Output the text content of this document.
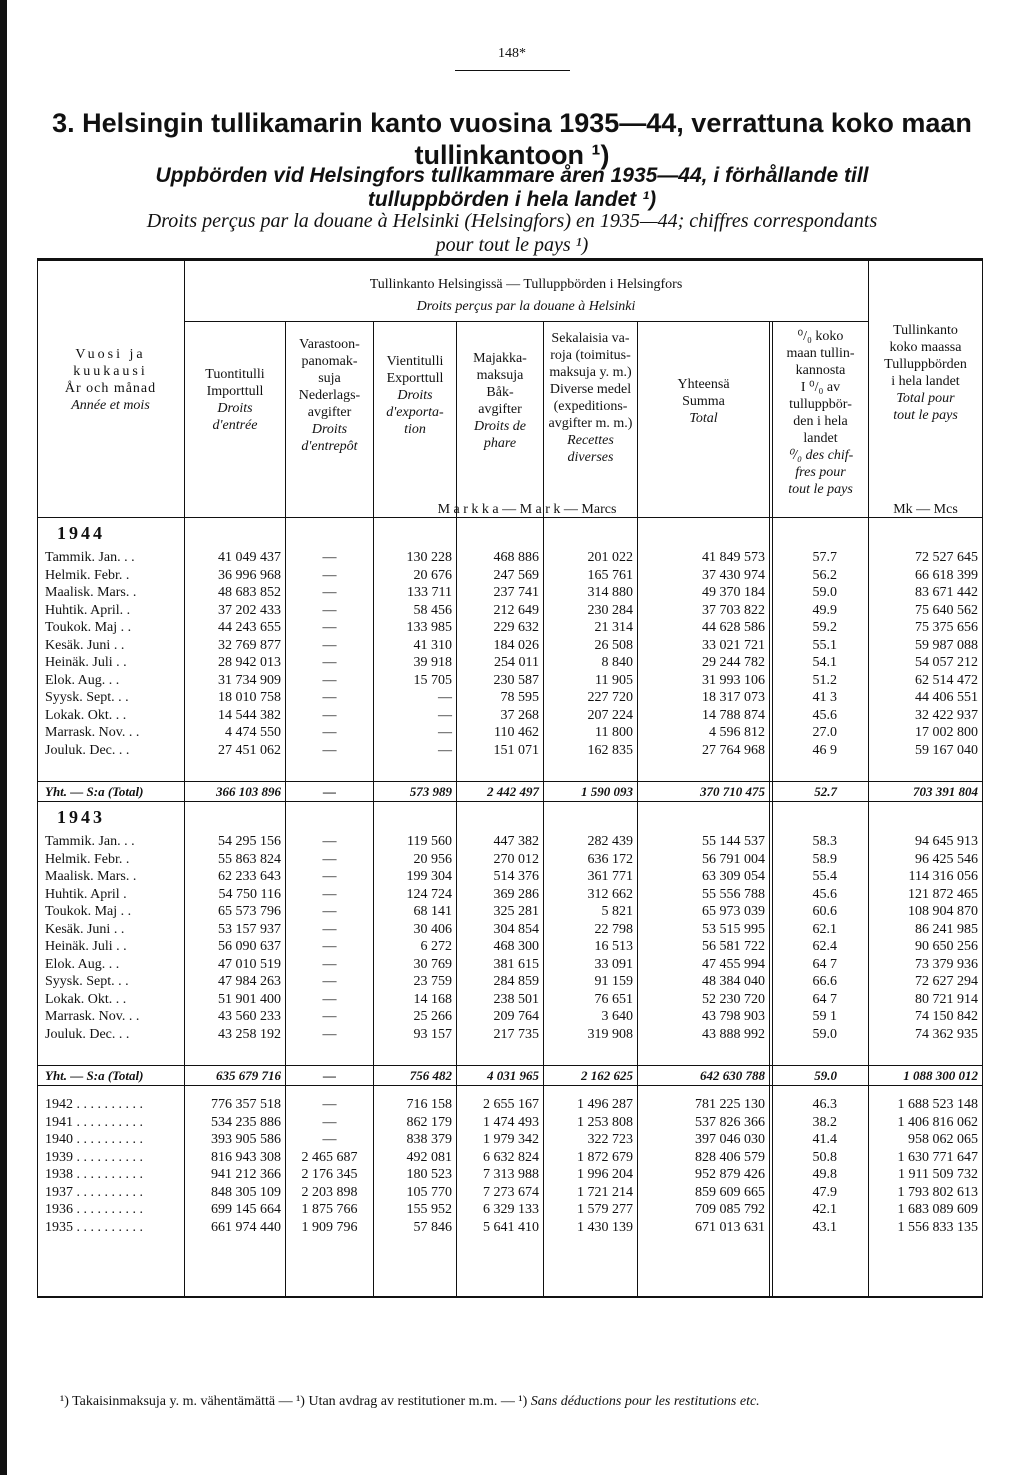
148*
3. Helsingin tullikamarin kanto vuosina 1935—44, verrattuna koko maan
tullinkantoon ¹)
Uppbörden vid Helsingfors tullkammare åren 1935—44, i förhållande till
tulluppbörden i hela landet ¹)
Droits perçus par la douane à Helsinki (Helsingfors) en 1935—44; chiffres correspondants
pour tout le pays ¹)
Tullinkanto Helsingissä — Tulluppbörden i Helsingfors
Droits perçus par la douane à Helsinki
Vuosi ja
kuukausi
År och månad
Année et mois
Tuontitulli
Importtull
Droits
d'entrée
Varastoon-
panomak-
suja
Nederlags-
avgifter
Droits
d'entrepôt
Vientitulli
Exporttull
Droits
d'exporta-
tion
Majakka-
maksuja
Båk-
avgifter
Droits de
phare
Sekalaisia va-
roja (toimitus-
maksuja y. m.)
Diverse medel
(expeditions-
avgifter m. m.)
Recettes
diverses
Yhteensä
Summa
Total
⁰/₀ koko
maan tullin-
kannosta
I ⁰/₀ av
tulluppbör-
den i hela
landet
⁰/₀ des chif-
fres pour
tout le pays
Tullinkanto
koko maassa
Tulluppbörden
i hela landet
Total pour
tout le pays
M a r k k a — M a r k — Marcs	Mk — Mcs
1944
Tammik. Jan. . .	41 049 437	—	130 228	468 886	201 022	41 849 573	57.7	72 527 645
Helmik. Febr. .	36 996 968	—	20 676	247 569	165 761	37 430 974	56.2	66 618 399
Maalisk. Mars. .	48 683 852	—	133 711	237 741	314 880	49 370 184	59.0	83 671 442
Huhtik. April. .	37 202 433	—	58 456	212 649	230 284	37 703 822	49.9	75 640 562
Toukok. Maj . .	44 243 655	—	133 985	229 632	21 314	44 628 586	59.2	75 375 656
Kesäk. Juni . .	32 769 877	—	41 310	184 026	26 508	33 021 721	55.1	59 987 088
Heinäk. Juli . .	28 942 013	—	39 918	254 011	8 840	29 244 782	54.1	54 057 212
Elok. Aug. . .	31 734 909	—	15 705	230 587	11 905	31 993 106	51.2	62 514 472
Syysk. Sept. . .	18 010 758	—	—	78 595	227 720	18 317 073	41 3	44 406 551
Lokak. Okt. . .	14 544 382	—	—	37 268	207 224	14 788 874	45.6	32 422 937
Marrask. Nov. . .	4 474 550	—	—	110 462	11 800	4 596 812	27.0	17 002 800
Jouluk. Dec. . .	27 451 062	—	—	151 071	162 835	27 764 968	46 9	59 167 040
Yht. — S:a (Total)	366 103 896	—	573 989	2 442 497	1 590 093	370 710 475	52.7	703 391 804
1943
Tammik. Jan. . .	54 295 156	—	119 560	447 382	282 439	55 144 537	58.3	94 645 913
Helmik. Febr. .	55 863 824	—	20 956	270 012	636 172	56 791 004	58.9	96 425 546
Maalisk. Mars. .	62 233 643	—	199 304	514 376	361 771	63 309 054	55.4	114 316 056
Huhtik. April .	54 750 116	—	124 724	369 286	312 662	55 556 788	45.6	121 872 465
Toukok. Maj . .	65 573 796	—	68 141	325 281	5 821	65 973 039	60.6	108 904 870
Kesäk. Juni . .	53 157 937	—	30 406	304 854	22 798	53 515 995	62.1	86 241 985
Heinäk. Juli . .	56 090 637	—	6 272	468 300	16 513	56 581 722	62.4	90 650 256
Elok. Aug. . .	47 010 519	—	30 769	381 615	33 091	47 455 994	64 7	73 379 936
Syysk. Sept. . .	47 984 263	—	23 759	284 859	91 159	48 384 040	66.6	72 627 294
Lokak. Okt. . .	51 901 400	—	14 168	238 501	76 651	52 230 720	64 7	80 721 914
Marrask. Nov. . .	43 560 233	—	25 266	209 764	3 640	43 798 903	59 1	74 150 842
Jouluk. Dec. . .	43 258 192	—	93 157	217 735	319 908	43 888 992	59.0	74 362 935
Yht. — S:a (Total)	635 679 716	—	756 482	4 031 965	2 162 625	642 630 788	59.0	1 088 300 012
1942 . . . . . . . . . .	776 357 518	—	716 158	2 655 167	1 496 287	781 225 130	46.3	1 688 523 148
1941 . . . . . . . . . .	534 235 886	—	862 179	1 474 493	1 253 808	537 826 366	38.2	1 406 816 062
1940 . . . . . . . . . .	393 905 586	—	838 379	1 979 342	322 723	397 046 030	41.4	958 062 065
1939 . . . . . . . . . .	816 943 308	2 465 687	492 081	6 632 824	1 872 679	828 406 579	50.8	1 630 771 647
1938 . . . . . . . . . .	941 212 366	2 176 345	180 523	7 313 988	1 996 204	952 879 426	49.8	1 911 509 732
1937 . . . . . . . . . .	848 305 109	2 203 898	105 770	7 273 674	1 721 214	859 609 665	47.9	1 793 802 613
1936 . . . . . . . . . .	699 145 664	1 875 766	155 952	6 329 133	1 579 277	709 085 792	42.1	1 683 089 609
1935 . . . . . . . . . .	661 974 440	1 909 796	57 846	5 641 410	1 430 139	671 013 631	43.1	1 556 833 135
¹) Takaisinmaksuja y. m. vähentämättä — ¹) Utan avdrag av restitutioner m.m. — ¹) Sans déductions pour les restitutions etc.
